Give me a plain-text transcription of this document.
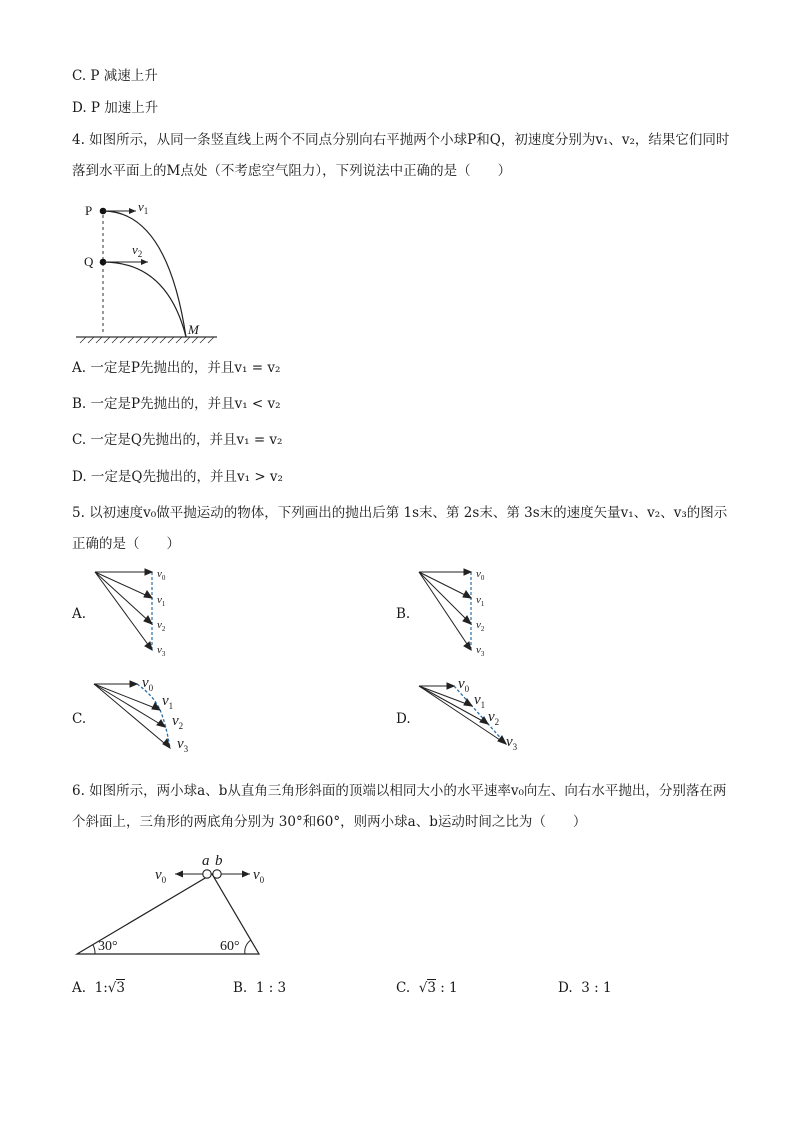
C. P 减速上升
D. P 加速上升
4. 如图所示，从同一条竖直线上两个不同点分别向右平抛两个小球P和Q，初速度分别为v₁、v₂，结果它们同时落到水平面上的M点处（不考虑空气阻力），下列说法中正确的是（　　）
P
Q
$v_1$
$v_2$
M
A. 一定是P先抛出的，并且v₁ = v₂
B. 一定是P先抛出的，并且v₁ < v₂
C. 一定是Q先抛出的，并且v₁ = v₂
D. 一定是Q先抛出的，并且v₁ > v₂
5. 以初速度v₀做平抛运动的物体，下列画出的抛出后第 1s末、第 2s末、第 3s末的速度矢量v₁、v₂、v₃的图示正确的是（　　）
A.	B.
C.	D.
$v_0$
$v_1$
$v_2$
$v_3$
$v_0$
$v_1$
$v_2$
$v_3$
$v_0$
$v_1$
$v_2$
$v_3$
$v_0$
$v_1$
$v_2$
$v_3$
6. 如图所示，两小球a、b从直角三角形斜面的顶端以相同大小的水平速率v₀向左、向右水平抛出，分别落在两个斜面上，三角形的两底角分别为 30°和60°，则两小球a、b运动时间之比为（　　）
a b
$v_0$	$v_0$
30°	60°
A. 1:√3	B. 1 : 3	C.  √3 : 1	D. 3 : 1
